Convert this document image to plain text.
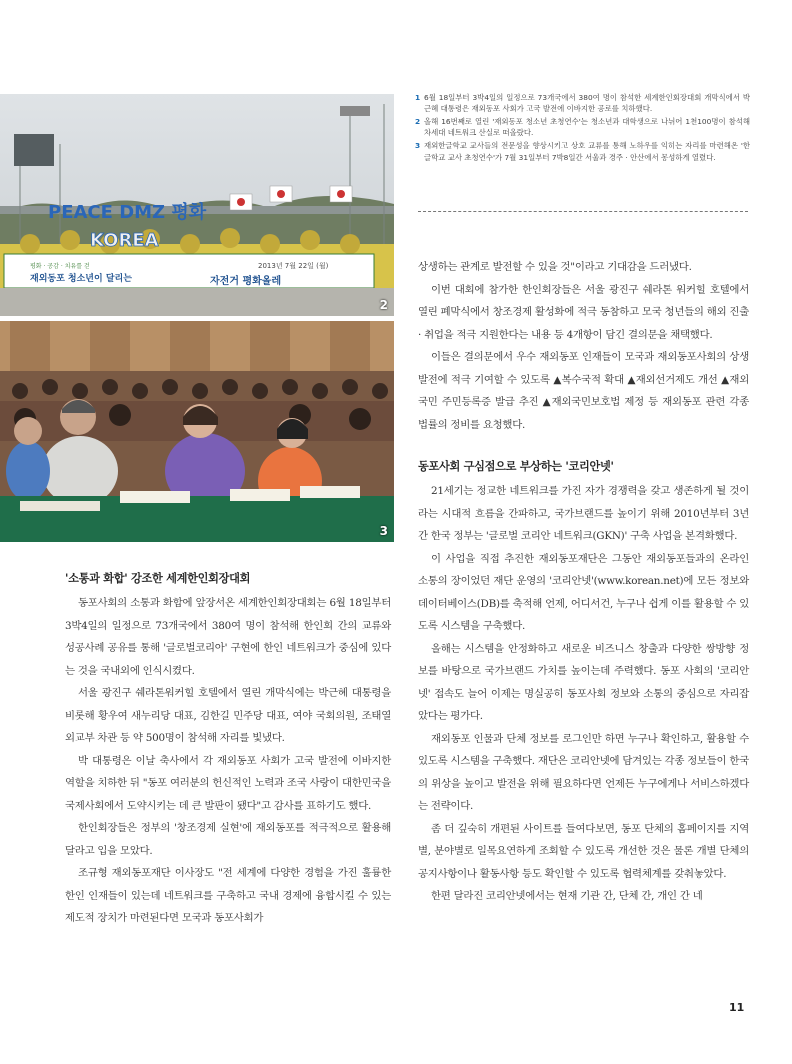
PEACE DMZ 평화
KOREA
평화 · 공감 · 치유를 걷
재외동포 청소년이 달리는
2013년 7월 22일 (월)
자전거 평화올레
2
3
1 6월 18일부터 3박4일의 일정으로 73개국에서 380여 명이 참석한 세계한인회장대회 개막식에서 박근혜 대통령은 재외동포 사회가 고국 발전에 이바지한 공로를 치하했다.
2 올해 16번째로 열린 '재외동포 청소년 초청연수'는 청소년과 대학생으로 나뉘어 1천100명이 참석해 차세대 네트워크 산실로 떠올랐다.
3 재외한글학교 교사들의 전문성을 향상시키고 상호 교류를 통해 노하우를 익히는 자리를 마련해온 '한글학교 교사 초청연수'가 7월 31일부터 7박8일간 서울과 경주 · 안산에서 몽성하게 열렸다.
'소통과 화합' 강조한 세계한인회장대회

동포사회의 소통과 화합에 앞장서온 세계한인회장대회는 6월 18일부터 3박4일의 일정으로 73개국에서 380여 명이 참석해 한인회 간의 교류와 성공사례 공유를 통해 '글로벌코리아' 구현에 한인 네트워크가 중심에 있다는 것을 국내외에 인식시켰다.

서울 광진구 쉐라톤워커힐 호텔에서 열린 개막식에는 박근혜 대통령을 비롯해 황우여 새누리당 대표, 김한길 민주당 대표, 여야 국회의원, 조태열 외교부 차관 등 약 500명이 참석해 자리를 빛냈다.

박 대통령은 이날 축사에서 각 재외동포 사회가 고국 발전에 이바지한 역할을 치하한 뒤 "동포 여러분의 헌신적인 노력과 조국 사랑이 대한민국을 국제사회에서 도약시키는 데 큰 발판이 됐다"고 감사를 표하기도 했다.

한인회장들은 정부의 '창조경제 실현'에 재외동포를 적극적으로 활용해 달라고 입을 모았다.

조규형 재외동포재단 이사장도 "전 세계에 다양한 경험을 가진 훌륭한 한인 인재들이 있는데 네트워크를 구축하고 국내 경제에 융합시킬 수 있는 제도적 장치가 마련된다면 모국과 동포사회가

상생하는 관계로 발전할 수 있을 것"이라고 기대감을 드러냈다.

이번 대회에 참가한 한인회장들은 서울 광진구 쉐라톤 워커힐 호텔에서 열린 폐막식에서 창조경제 활성화에 적극 동참하고 모국 청년들의 해외 진출 · 취업을 적극 지원한다는 내용 등 4개항이 담긴 결의문을 채택했다.

이들은 결의문에서 우수 재외동포 인재들이 모국과 재외동포사회의 상생 발전에 적극 기여할 수 있도록 ▲복수국적 확대 ▲재외선거제도 개선 ▲재외국민 주민등록증 발급 추진 ▲재외국민보호법 제정 등 재외동포 관련 각종 법률의 정비를 요청했다.

동포사회 구심점으로 부상하는 '코리안넷'

21세기는 정교한 네트워크를 가진 자가 경쟁력을 갖고 생존하게 될 것이라는 시대적 흐름을 간파하고, 국가브랜드를 높이기 위해 2010년부터 3년간 한국 정부는 '글로벌 코리안 네트워크(GKN)' 구축 사업을 본격화했다.

이 사업을 직접 추진한 재외동포재단은 그동안 재외동포들과의 온라인 소통의 장이었던 재단 운영의 '코리안넷'(www.korean.net)에 모든 정보와 데이터베이스(DB)를 축적해 언제, 어디서건, 누구나 쉽게 이를 활용할 수 있도록 시스템을 구축했다.

올해는 시스템을 안정화하고 새로운 비즈니스 창출과 다양한 쌍방향 정보를 바탕으로 국가브랜드 가치를 높이는데 주력했다. 동포 사회의 '코리안넷' 접속도 늘어 이제는 명실공히 동포사회 정보와 소통의 중심으로 자리잡았다는 평가다.

재외동포 인물과 단체 정보를 로그인만 하면 누구나 확인하고, 활용할 수 있도록 시스템을 구축했다. 재단은 코리안넷에 담겨있는 각종 정보들이 한국의 위상을 높이고 발전을 위해 필요하다면 언제든 누구에게나 서비스하겠다는 전략이다.

좀 더 깊숙히 개편된 사이트를 들여다보면, 동포 단체의 홈페이지를 지역별, 분야별로 일목요연하게 조회할 수 있도록 개선한 것은 물론 개별 단체의 공지사항이나 활동사항 등도 확인할 수 있도록 협력체계를 갖춰놓았다.

한편 달라진 코리안넷에서는 현재 기관 간, 단체 간, 개인 간 네

11
